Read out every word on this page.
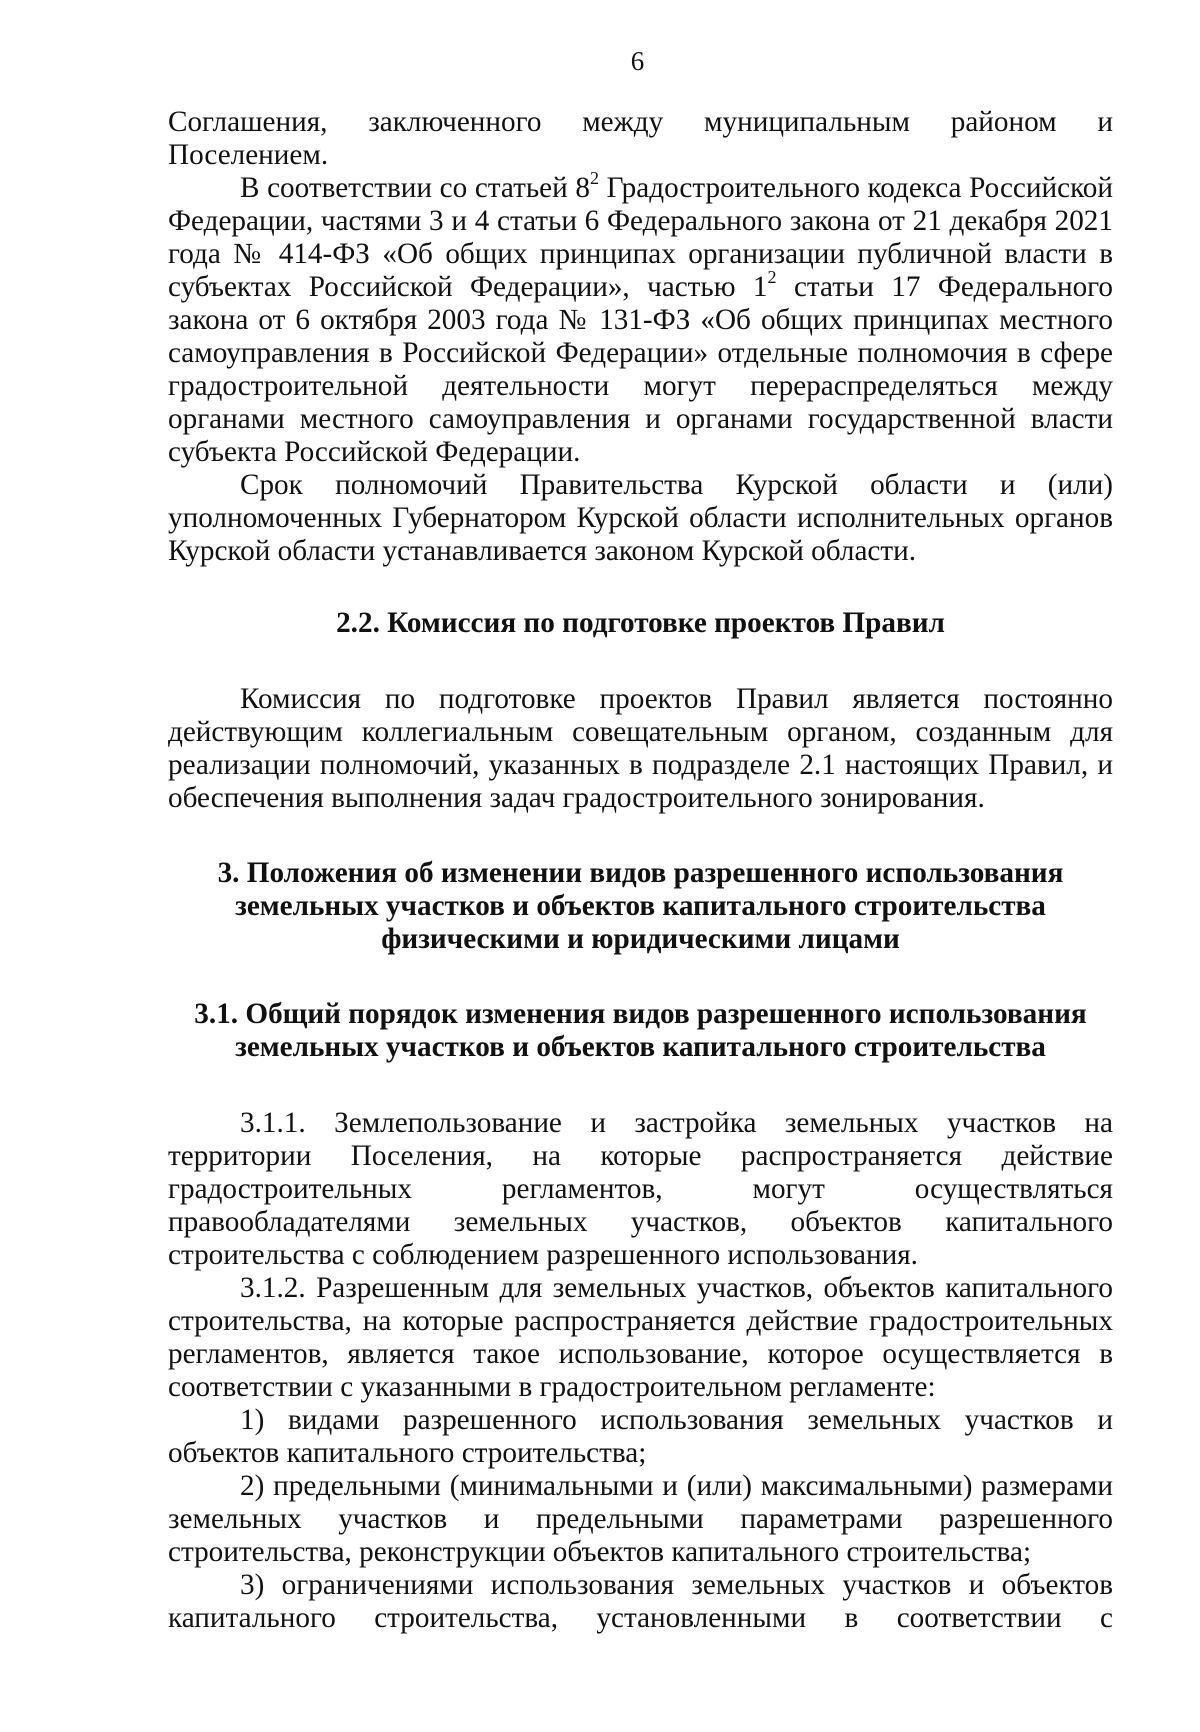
6

Соглашения, заключенного между муниципальным районом и Поселением.

В соответствии со статьей $8^2$ Градостроительного кодекса Российской Федерации, частями 3 и 4 статьи 6 Федерального закона от 21 декабря 2021 года № 414-ФЗ «Об общих принципах организации публичной власти в субъектах Российской Федерации», частью $1^2$ статьи 17 Федерального закона от 6 октября 2003 года № 131-ФЗ «Об общих принципах местного самоуправления в Российской Федерации» отдельные полномочия в сфере градостроительной деятельности могут перераспределяться между органами местного самоуправления и органами государственной власти субъекта Российской Федерации.

Срок полномочий Правительства Курской области и (или) уполномоченных Губернатором Курской области исполнительных органов Курской области устанавливается законом Курской области.

2.2. Комиссия по подготовке проектов Правил

Комиссия по подготовке проектов Правил является постоянно действующим коллегиальным совещательным органом, созданным для реализации полномочий, указанных в подразделе 2.1 настоящих Правил, и обеспечения выполнения задач градостроительного зонирования.

3. Положения об изменении видов разрешенного использования
земельных участков и объектов капитального строительства
физическими и юридическими лицами
3.1. Общий порядок изменения видов разрешенного использования
земельных участков и объектов капитального строительства

3.1.1. Землепользование и застройка земельных участков на территории Поселения, на которые распространяется действие градостроительных регламентов, могут осуществляться правообладателями земельных участков, объектов капитального строительства с соблюдением разрешенного использования.

3.1.2. Разрешенным для земельных участков, объектов капитального строительства, на которые распространяется действие градостроительных регламентов, является такое использование, которое осуществляется в соответствии с указанными в градостроительном регламенте:

1) видами разрешенного использования земельных участков и объектов капитального строительства;

2) предельными (минимальными и (или) максимальными) размерами земельных участков и предельными параметрами разрешенного строительства, реконструкции объектов капитального строительства;

3) ограничениями использования земельных участков и объектов капитального строительства, установленными в соответствии с
